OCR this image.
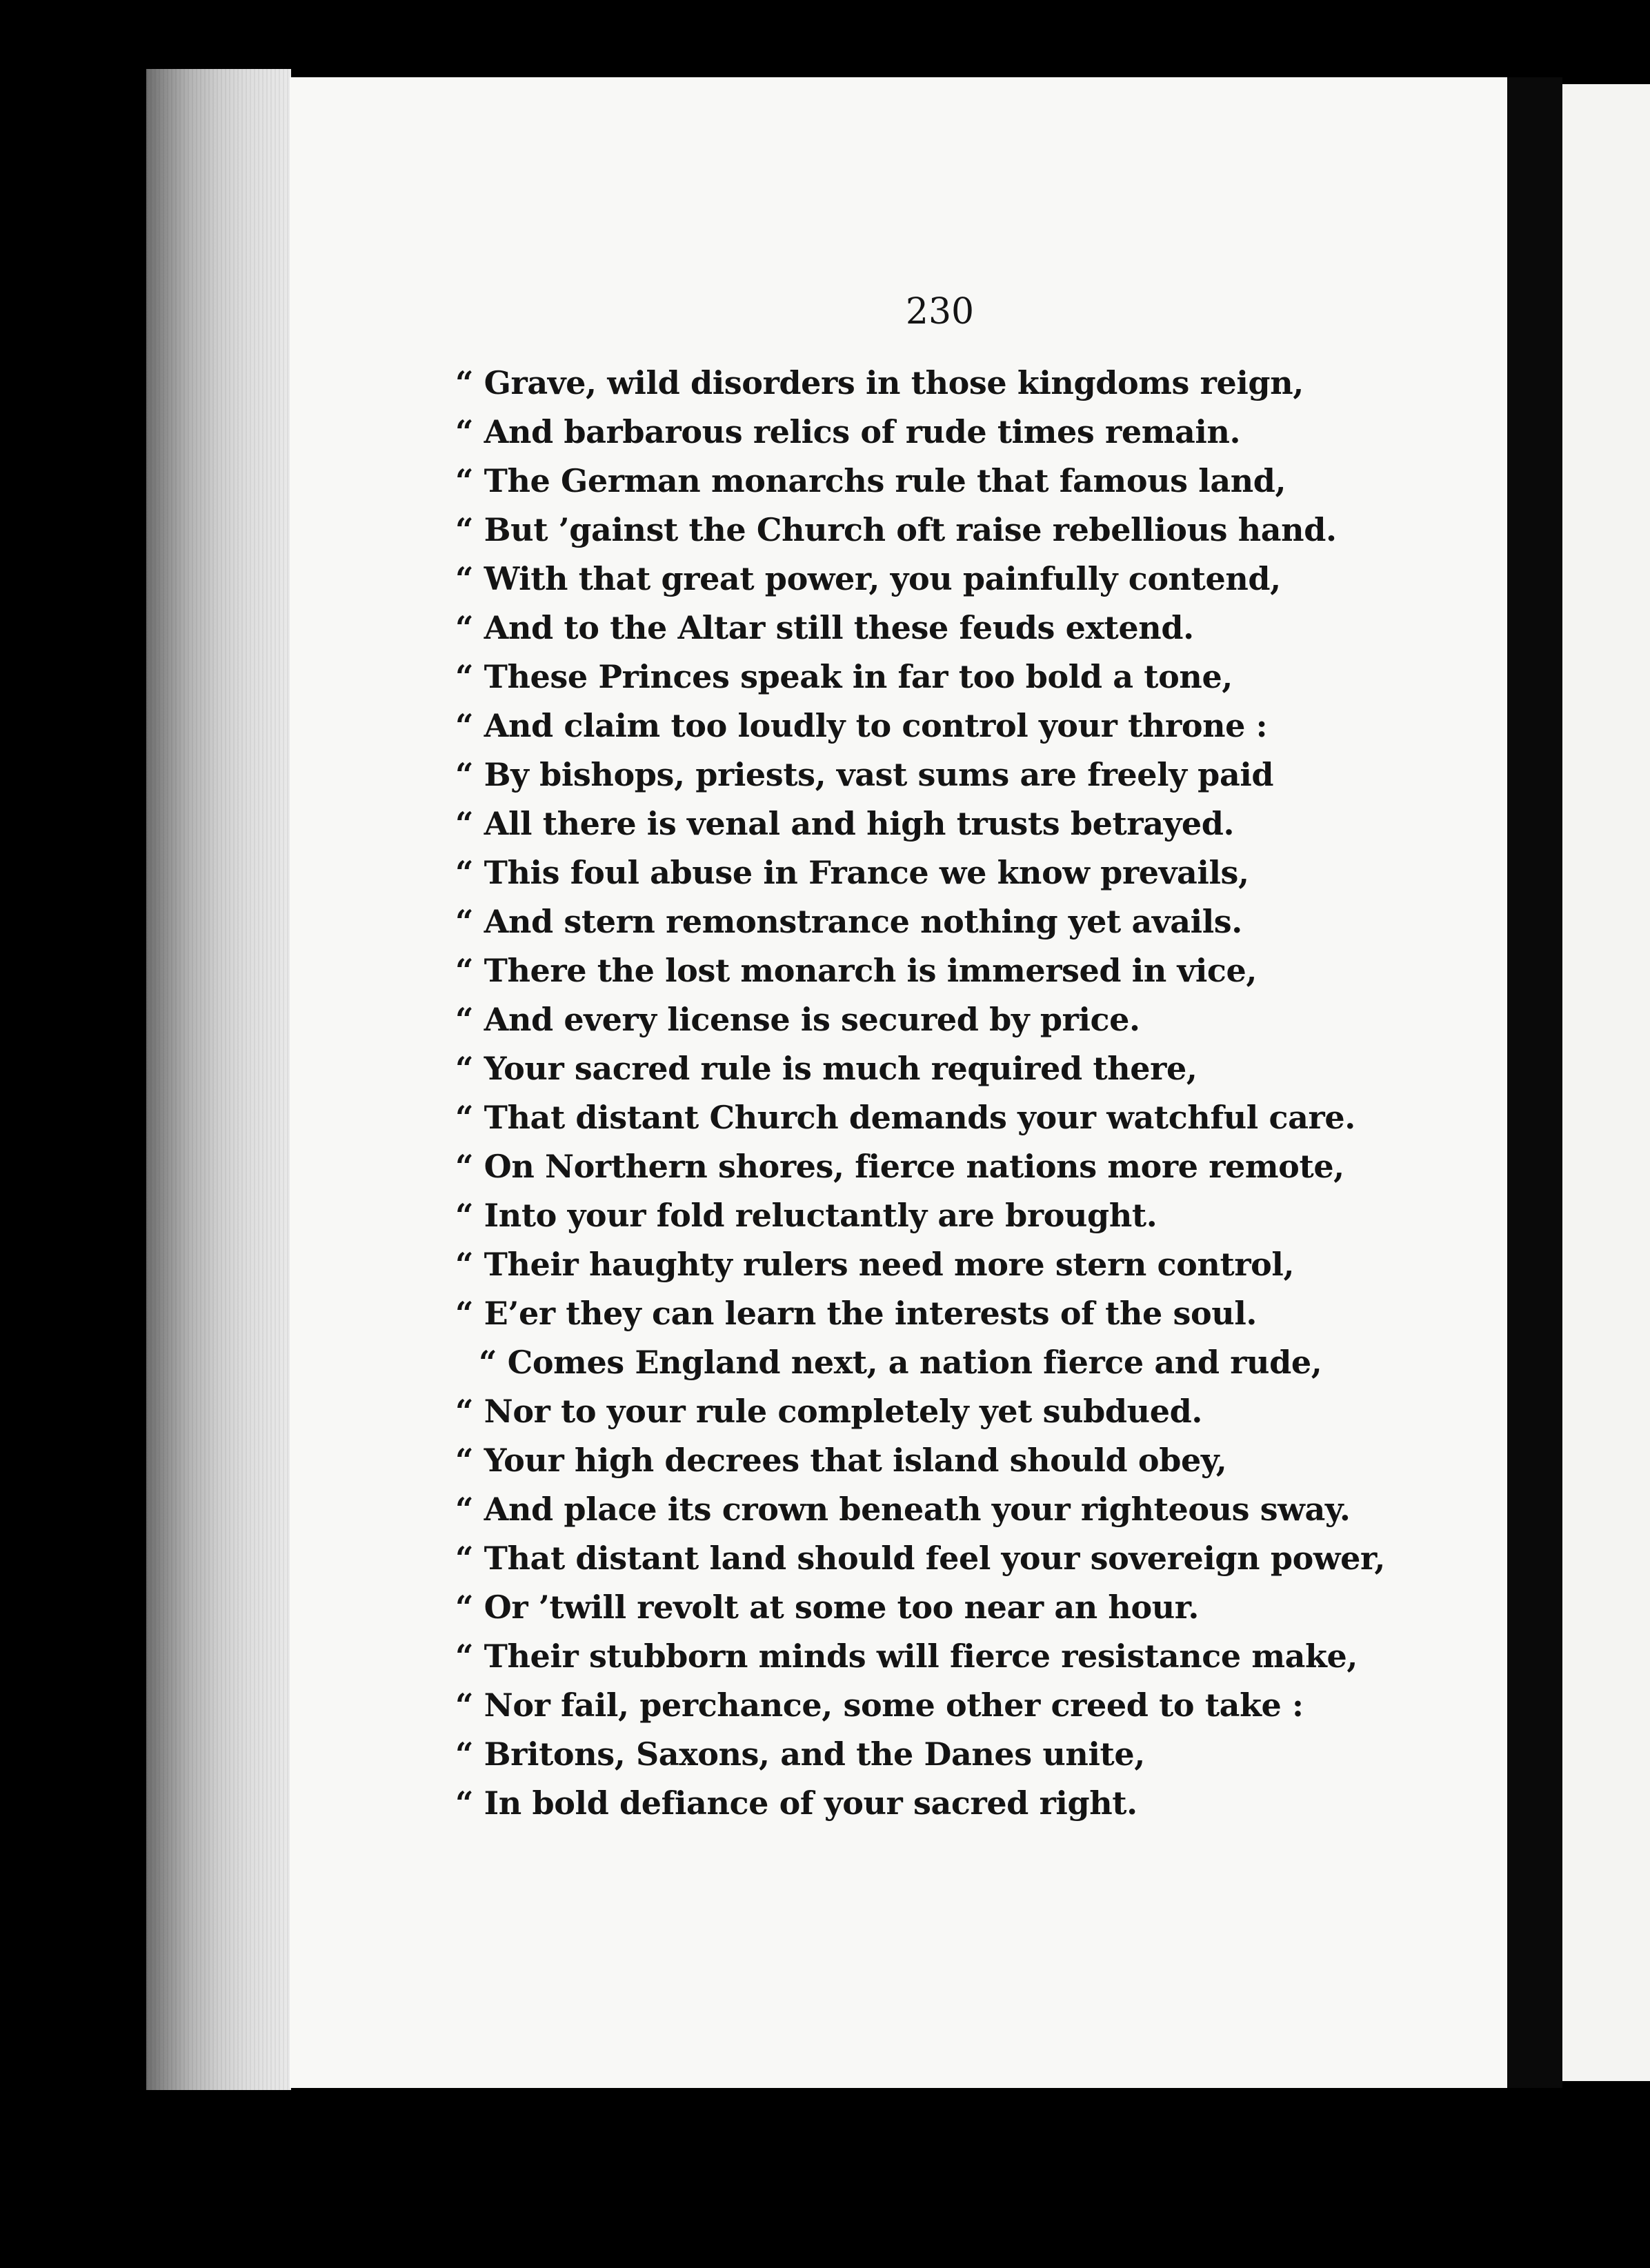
230
“ Grave, wild disorders in those kingdoms reign,
“ And barbarous relics of rude times remain.
“ The German monarchs rule that famous land,
“ But ’gainst the Church oft raise rebellious hand.
“ With that great power, you painfully contend,
“ And to the Altar still these feuds extend.
“ These Princes speak in far too bold a tone,
“ And claim too loudly to control your throne :
“ By bishops, priests, vast sums are freely paid
“ All there is venal and high trusts betrayed.
“ This foul abuse in France we know prevails,
“ And stern remonstrance nothing yet avails.
“ There the lost monarch is immersed in vice,
“ And every license is secured by price.
“ Your sacred rule is much required there,
“ That distant Church demands your watchful care.
“ On Northern shores, fierce nations more remote,
“ Into your fold reluctantly are brought.
“ Their haughty rulers need more stern control,
“ E’er they can learn the interests of the soul.
“ Comes England next, a nation fierce and rude,
“ Nor to your rule completely yet subdued.
“ Your high decrees that island should obey,
“ And place its crown beneath your righteous sway.
“ That distant land should feel your sovereign power,
“ Or ’twill revolt at some too near an hour.
“ Their stubborn minds will fierce resistance make,
“ Nor fail, perchance, some other creed to take :
“ Britons, Saxons, and the Danes unite,
“ In bold defiance of your sacred right.
